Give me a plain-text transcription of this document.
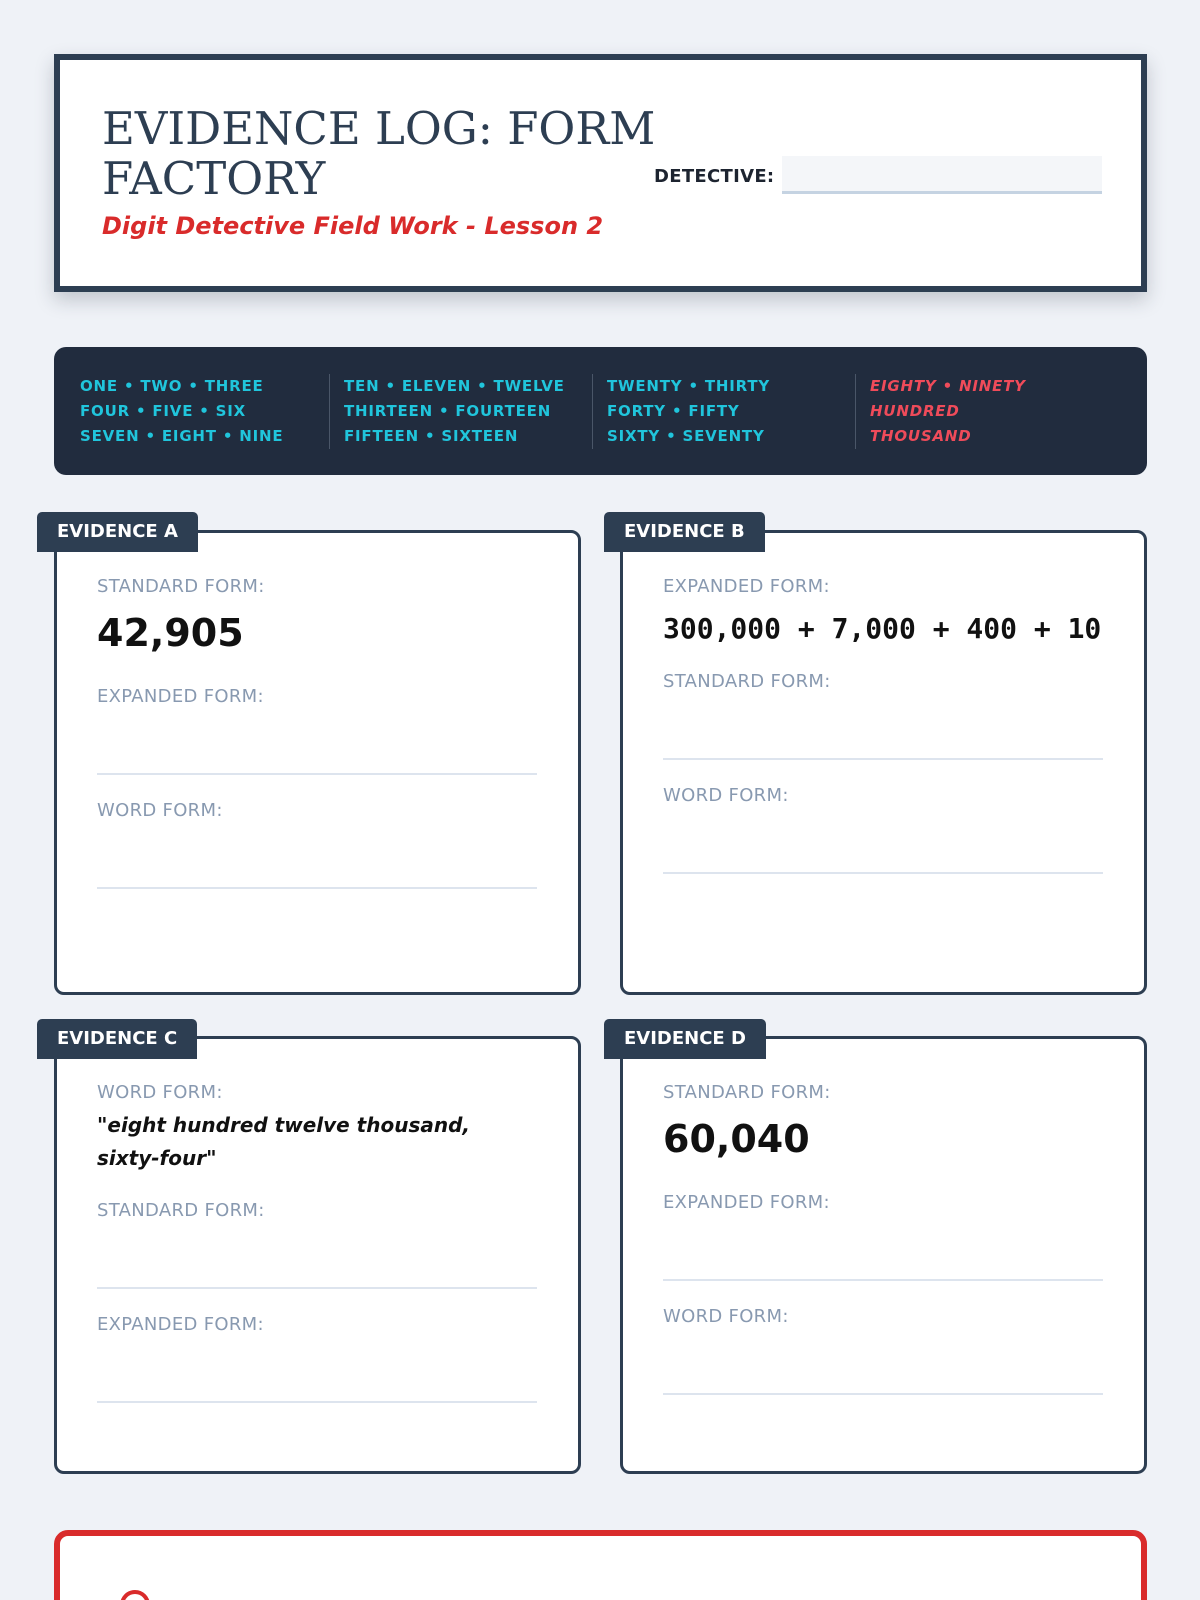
EVIDENCE LOG: FORM FACTORY
Digit Detective Field Work - Lesson 2
DETECTIVE:
ONE • TWO • THREE
FOUR • FIVE • SIX
SEVEN • EIGHT • NINE
TEN • ELEVEN • TWELVE
THIRTEEN • FOURTEEN
FIFTEEN • SIXTEEN
TWENTY • THIRTY
FORTY • FIFTY
SIXTY • SEVENTY
EIGHTY • NINETY
HUNDRED
THOUSAND
STANDARD FORM:
42,905
EXPANDED FORM:
WORD FORM:
EVIDENCE A
EXPANDED FORM:
300,000 + 7,000 + 400 + 10
STANDARD FORM:
WORD FORM:
EVIDENCE B
WORD FORM:
"eight hundred twelve thousand, sixty-four"
STANDARD FORM:
EXPANDED FORM:
EVIDENCE C
STANDARD FORM:
60,040
EXPANDED FORM:
WORD FORM:
EVIDENCE D
